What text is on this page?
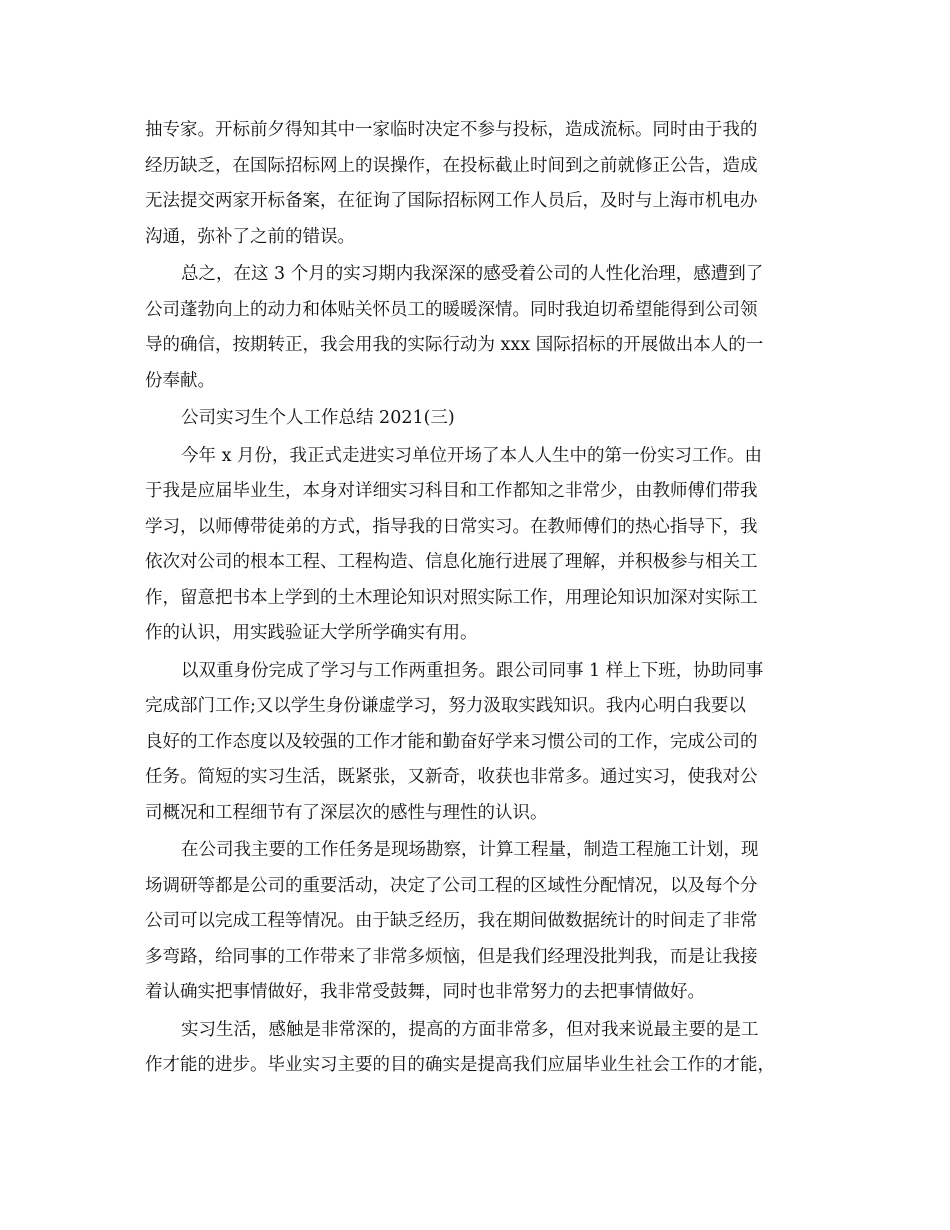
抽专家。开标前夕得知其中一家临时决定不参与投标，造成流标。同时由于我的
经历缺乏，在国际招标网上的误操作，在投标截止时间到之前就修正公告，造成
无法提交两家开标备案，在征询了国际招标网工作人员后，及时与上海市机电办
沟通，弥补了之前的错误。
总之，在这 3 个月的实习期内我深深的感受着公司的人性化治理，感遭到了
公司蓬勃向上的动力和体贴关怀员工的暖暖深情。同时我迫切希望能得到公司领
导的确信，按期转正，我会用我的实际行动为 xxx 国际招标的开展做出本人的一
份奉献。
公司实习生个人工作总结 2021(三)
今年 x 月份，我正式走进实习单位开场了本人人生中的第一份实习工作。由
于我是应届毕业生，本身对详细实习科目和工作都知之非常少，由教师傅们带我
学习，以师傅带徒弟的方式，指导我的日常实习。在教师傅们的热心指导下，我
依次对公司的根本工程、工程构造、信息化施行进展了理解，并积极参与相关工
作，留意把书本上学到的土木理论知识对照实际工作，用理论知识加深对实际工
作的认识，用实践验证大学所学确实有用。
以双重身份完成了学习与工作两重担务。跟公司同事 1 样上下班，协助同事
完成部门工作;又以学生身份谦虚学习，努力汲取实践知识。我内心明白我要以
良好的工作态度以及较强的工作才能和勤奋好学来习惯公司的工作，完成公司的
任务。简短的实习生活，既紧张，又新奇，收获也非常多。通过实习，使我对公
司概况和工程细节有了深层次的感性与理性的认识。
在公司我主要的工作任务是现场勘察，计算工程量，制造工程施工计划，现
场调研等都是公司的重要活动，决定了公司工程的区域性分配情况，以及每个分
公司可以完成工程等情况。由于缺乏经历，我在期间做数据统计的时间走了非常
多弯路，给同事的工作带来了非常多烦恼，但是我们经理没批判我，而是让我接
着认确实把事情做好，我非常受鼓舞，同时也非常努力的去把事情做好。
实习生活，感触是非常深的，提高的方面非常多，但对我来说最主要的是工
作才能的进步。毕业实习主要的目的确实是提高我们应届毕业生社会工作的才能，
